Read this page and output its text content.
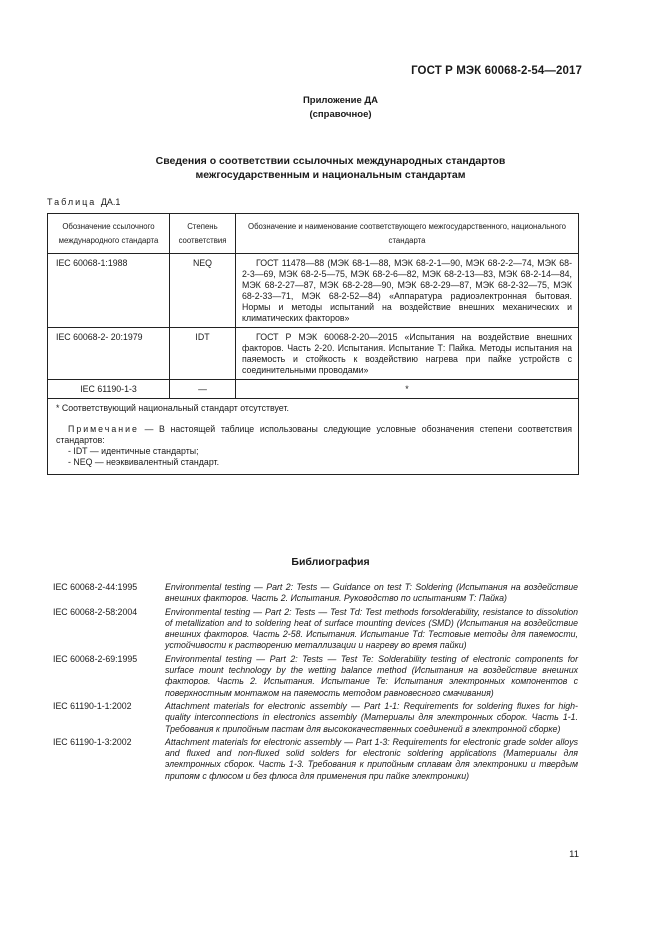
ГОСТ Р МЭК 60068-2-54—2017
Приложение ДА
(справочное)
Сведения о соответствии ссылочных международных стандартов
межгосударственным и национальным стандартам
Таблица ДА.1
Обозначение ссылочного международного стандарта	Степень соответствия	Обозначение и наименование соответствующего межгосударственного, национального стандарта
IEC 60068-1:1988	NEQ	ГОСТ 11478—88 (МЭК 68-1—88, МЭК 68-2-1—90, МЭК 68-2-2—74, МЭК 68-2-3—69, МЭК 68-2-5—75, МЭК 68-2-6—82, МЭК 68-2-13—83, МЭК 68-2-14—84, МЭК 68-2-27—87, МЭК 68-2-28—90, МЭК 68-2-29—87, МЭК 68-2-32—75, МЭК 68-2-33—71, МЭК 68-2-52—84) «Аппаратура радиоэлектронная бытовая. Нормы и методы испытаний на воздействие внешних механических и климатических факторов»
IEC 60068-2- 20:1979	IDT	ГОСТ Р МЭК 60068-2-20—2015 «Испытания на воздействие внешних факторов. Часть 2-20. Испытания. Испытание Т: Пайка. Методы испытания на паяемость и стойкость к воздействию нагрева при пайке устройств с соединительными проводами»
IEC 61190-1-3	—	*
* Соответствующий национальный стандарт отсутствует.		

Примечание — В настоящей таблице использованы следующие условные обозначения степени соответствия стандартов:
- IDT — идентичные стандарты;
- NEQ — неэквивалентный стандарт.		
Библиография
IEC 60068-2-44:1995	Environmental testing — Part 2: Tests — Guidance on test T: Soldering (Испытания на воздействие внешних факторов. Часть 2. Испытания. Руководство по испытаниям Т: Пайка)
IEC 60068-2-58:2004	Environmental testing — Part 2: Tests — Test Td: Test methods forsolderability, resistance to dissolution of metallization and to soldering heat of surface mounting devices (SMD) (Испытания на воздействие внешних факторов. Часть 2-58. Испытания. Испытание Td: Тестовые методы для паяемости, устойчивости к растворению металлизации и нагреву во время пайки)
IEC 60068-2-69:1995	Environmental testing — Part 2: Tests — Test Te: Solderability testing of electronic components for surface mount technology by the wetting balance method (Испытания на воздействие внешних факторов. Часть 2. Испытания. Испытание Te: Испытания электронных компонентов с поверхностным монтажом на паяемость методом равновесного смачивания)
IEC 61190-1-1:2002	Attachment materials for electronic assembly — Part 1-1: Requirements for soldering fluxes for high-quality interconnections in electronics assembly (Материалы для электронных сборок. Часть 1-1. Требования к припойным пастам для высококачественных соединений в электронной сборке)
IEC 61190-1-3:2002	Attachment materials for electronic assembly — Part 1-3: Requirements for electronic grade solder alloys and fluxed and non-fluxed solid solders for electronic soldering applications (Материалы для электронных сборок. Часть 1-3. Требования к припойным сплавам для электроники и твердым припоям с флюсом и без флюса для применения при пайке электроники)
11
